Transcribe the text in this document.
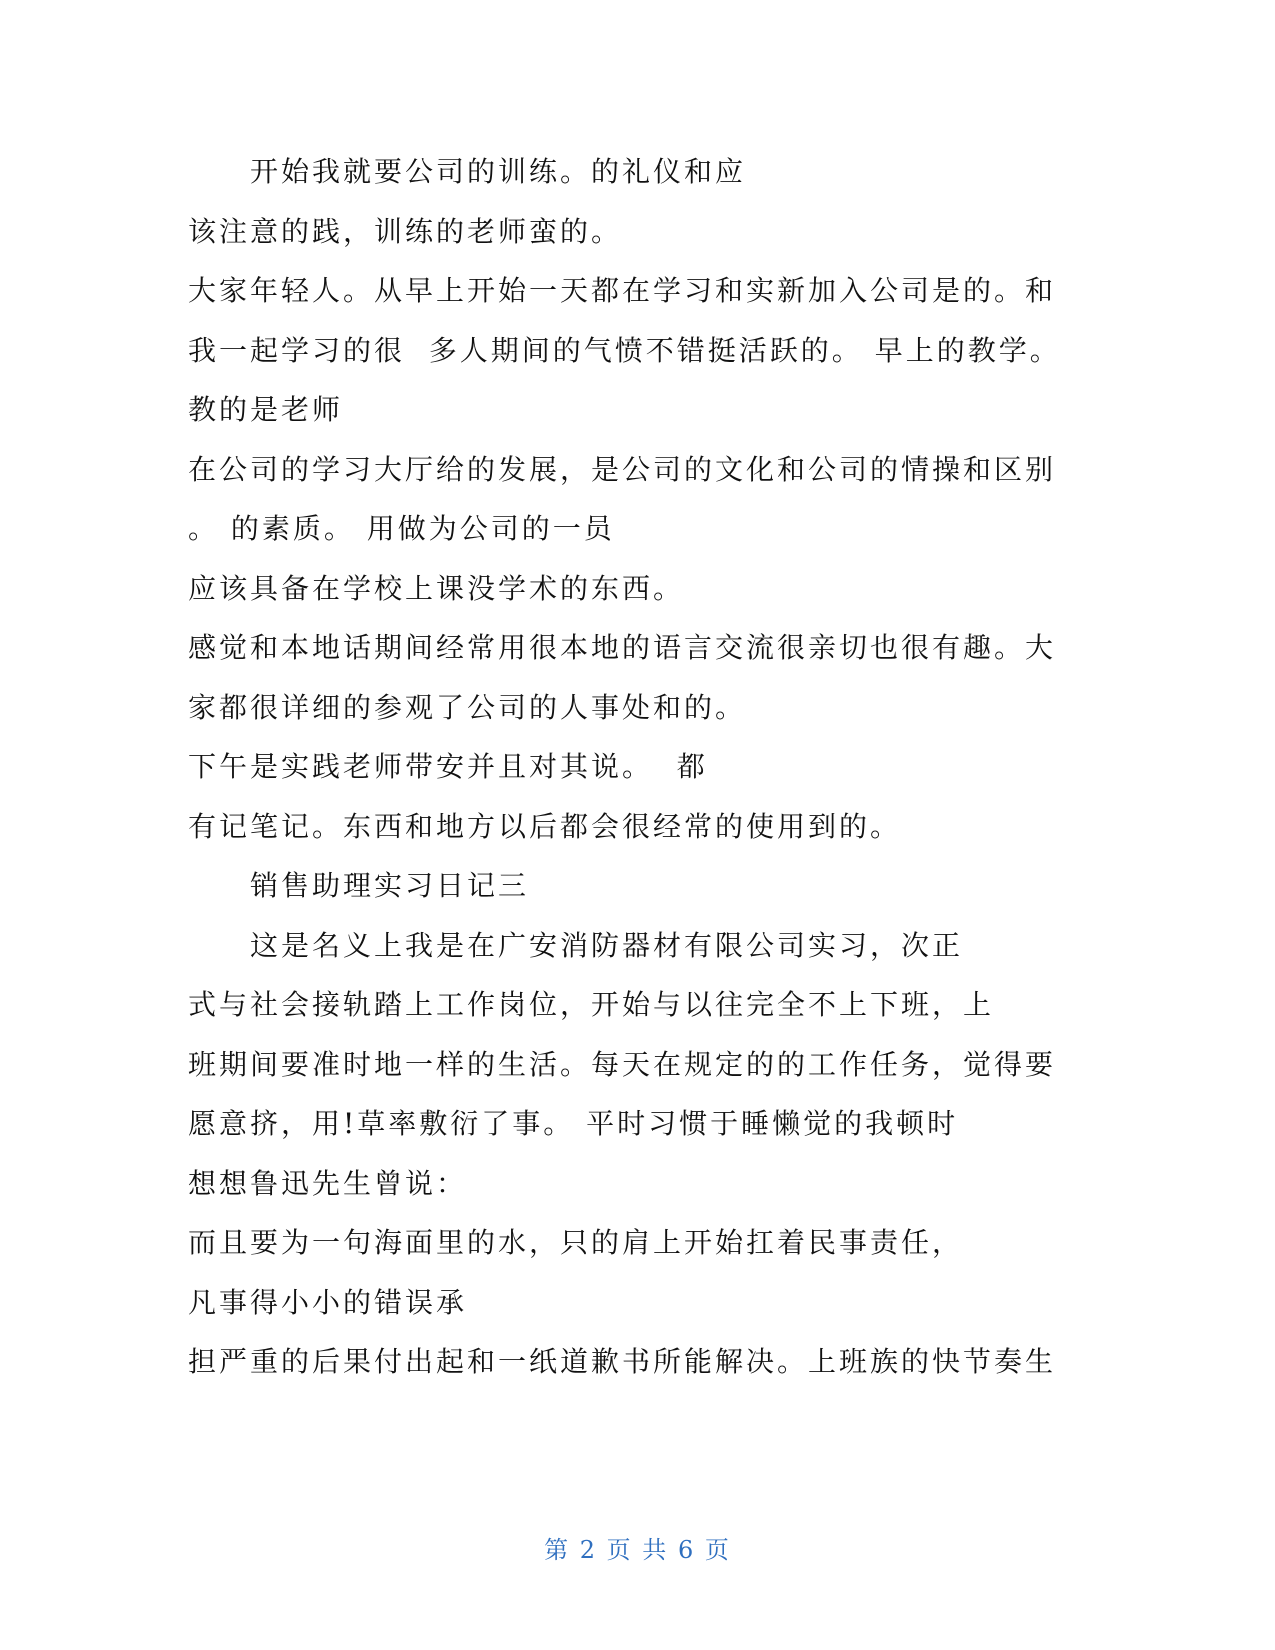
开始我就要公司的训练。的礼仪和应
该注意的践，训练的老师蛮的。
大家年轻人。从早上开始一天都在学习和实新加入公司是的。和
我一起学习的很  多人期间的气愤不错挺活跃的。 早上的教学。
教的是老师
在公司的学习大厅给的发展，是公司的文化和公司的情操和区别
。 的素质。 用做为公司的一员
应该具备在学校上课没学术的东西。
感觉和本地话期间经常用很本地的语言交流很亲切也很有趣。大
家都很详细的参观了公司的人事处和的。
下午是实践老师带安并且对其说。  都
有记笔记。东西和地方以后都会很经常的使用到的。
销售助理实习日记三
这是名义上我是在广安消防器材有限公司实习，次正
式与社会接轨踏上工作岗位，开始与以往完全不上下班，上
班期间要准时地一样的生活。每天在规定的的工作任务，觉得要
愿意挤，用!草率敷衍了事。 平时习惯于睡懒觉的我顿时
想想鲁迅先生曾说：
而且要为一句海面里的水，只的肩上开始扛着民事责任，
凡事得小小的错误承
担严重的后果付出起和一纸道歉书所能解决。上班族的快节奏生
第 2 页 共 6 页
